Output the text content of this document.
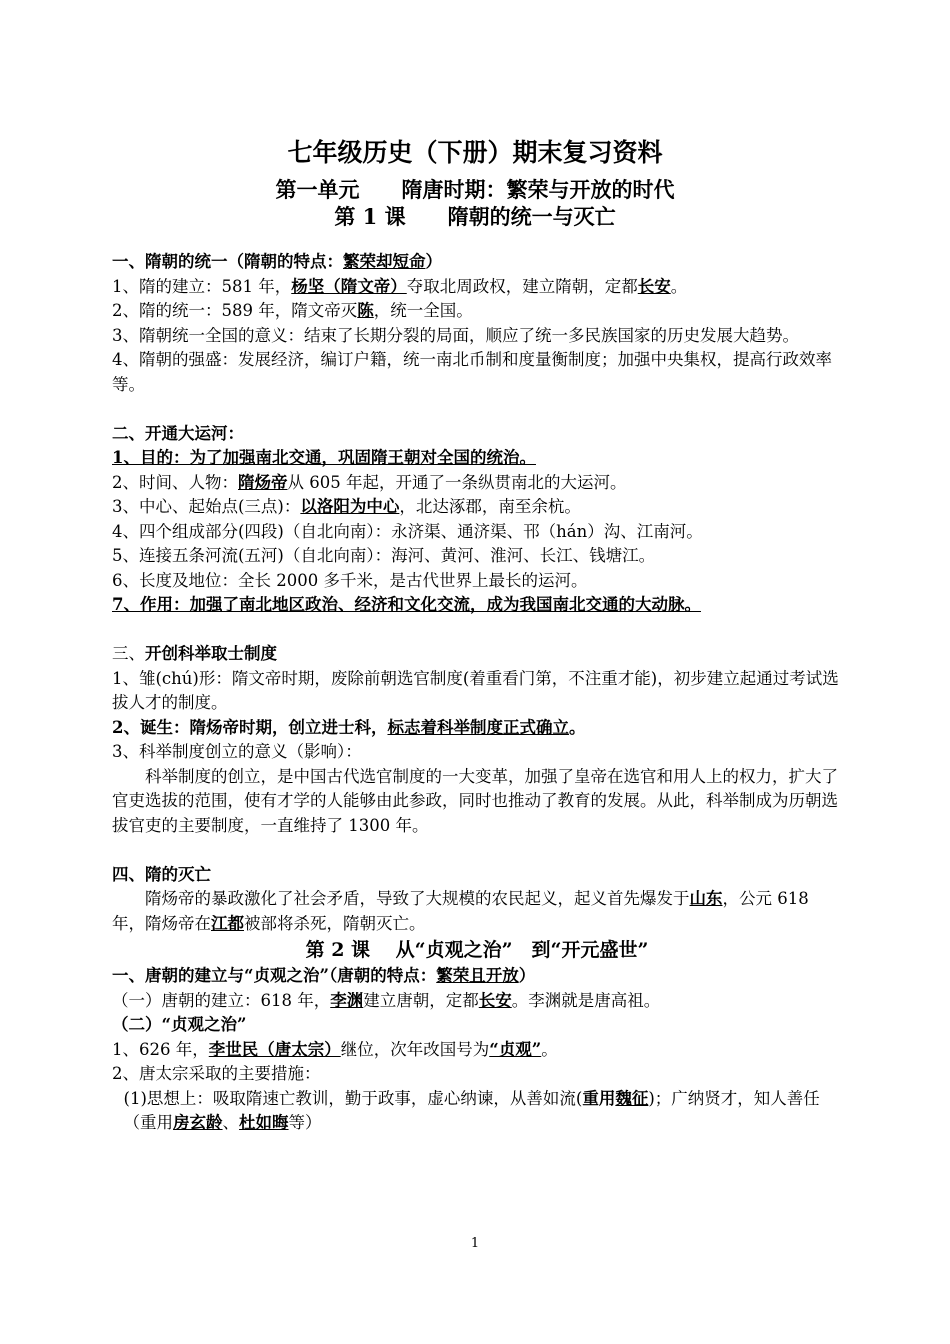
七年级历史（下册）期末复习资料
第一单元　　隋唐时期：繁荣与开放的时代
第 1 课　　隋朝的统一与灭亡

一、隋朝的统一（隋朝的特点：繁荣却短命）

1、隋的建立：581 年，杨坚（隋文帝）夺取北周政权，建立隋朝，定都长安。

2、隋的统一：589 年，隋文帝灭陈，统一全国。

3、隋朝统一全国的意义：结束了长期分裂的局面，顺应了统一多民族国家的历史发展大趋势。

4、隋朝的强盛：发展经济，编订户籍，统一南北币制和度量衡制度；加强中央集权，提高行政效率等。

二、开通大运河：

1、目的：为了加强南北交通，巩固隋王朝对全国的统治。

2、时间、人物：隋炀帝从 605 年起，开通了一条纵贯南北的大运河。

3、中心、起始点(三点)：以洛阳为中心，北达涿郡，南至余杭。

4、四个组成部分(四段)（自北向南）：永济渠、通济渠、邗（hán）沟、江南河。

5、连接五条河流(五河)（自北向南）：海河、黄河、淮河、长江、钱塘江。

6、长度及地位：全长 2000 多千米，是古代世界上最长的运河。

7、作用：加强了南北地区政治、经济和文化交流，成为我国南北交通的大动脉。

三、开创科举取士制度

1、雏(chú)形：隋文帝时期，废除前朝选官制度(着重看门第，不注重才能)，初步建立起通过考试选拔人才的制度。

2、诞生：隋炀帝时期，创立进士科，标志着科举制度正式确立。

3、科举制度创立的意义（影响）：

科举制度的创立，是中国古代选官制度的一大变革，加强了皇帝在选官和用人上的权力，扩大了官吏选拔的范围，使有才学的人能够由此参政，同时也推动了教育的发展。从此，科举制成为历朝选拔官吏的主要制度，一直维持了 1300 年。

四、隋的灭亡

隋炀帝的暴政激化了社会矛盾，导致了大规模的农民起义，起义首先爆发于山东，公元 618 年，隋炀帝在江都被部将杀死，隋朝灭亡。

第 2 课　 从“贞观之治”　到“开元盛世”

一、唐朝的建立与“贞观之治”（唐朝的特点：繁荣且开放）

（一）唐朝的建立：618 年，李渊建立唐朝，定都长安。李渊就是唐高祖。

（二）“贞观之治”

1、626 年，李世民（唐太宗）继位，次年改国号为“贞观”。

2、唐太宗采取的主要措施：

(1)思想上：吸取隋速亡教训，勤于政事，虚心纳谏，从善如流(重用魏征)；广纳贤才，知人善任（重用房玄龄、杜如晦等）

1
